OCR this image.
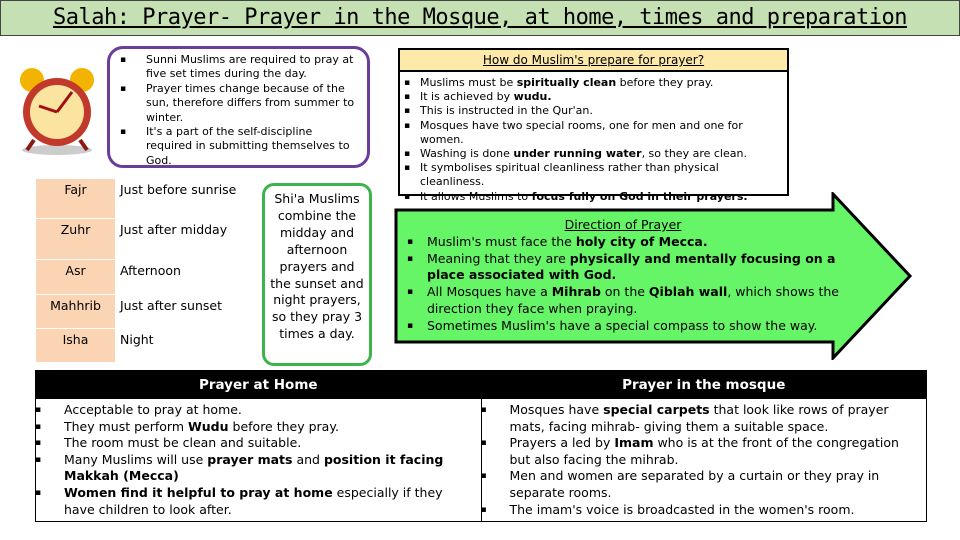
Salah: Prayer- Prayer in the Mosque, at home, times and preparation
▪ Sunni Muslims are required to pray at five set times during the day.
▪ Prayer times change because of the sun, therefore differs from summer to winter.
▪ It's a part of the self-discipline required in submitting themselves to God.
Fajr	Just before sunrise
Zuhr	Just after midday
Asr	Afternoon
Mahhrib	Just after sunset
Isha	Night
Shi'a Muslims combine the midday and afternoon prayers and the sunset and night prayers, so they pray 3 times a day.
How do Muslim's prepare for prayer?
▪ Muslims must be spiritually clean before they pray.
▪ It is achieved by wudu.
▪ This is instructed in the Qur'an.
▪ Mosques have two special rooms, one for men and one for women.
▪ Washing is done under running water, so they are clean.
▪ It symbolises spiritual cleanliness rather than physical cleanliness.
▪ It allows Muslims to focus fully on God in their prayers.
Direction of Prayer
▪ Muslim's must face the holy city of Mecca.
▪ Meaning that they are physically and mentally focusing on a place associated with God.
▪ All Mosques have a Mihrab on the Qiblah wall, which shows the direction they face when praying.
▪ Sometimes Muslim's have a special compass to show the way.
Prayer at Home
▪ Acceptable to pray at home.
▪ They must perform Wudu before they pray.
▪ The room must be clean and suitable.
▪ Many Muslims will use prayer mats and position it facing Makkah (Mecca)
▪ Women find it helpful to pray at home especially if they have children to look after.
Prayer in the mosque
▪ Mosques have special carpets that look like rows of prayer mats, facing mihrab- giving them a suitable space.
▪ Prayers a led by Imam who is at the front of the congregation but also facing the mihrab.
▪ Men and women are separated by a curtain or they pray in separate rooms.
▪ The imam's voice is broadcasted in the women's room.
